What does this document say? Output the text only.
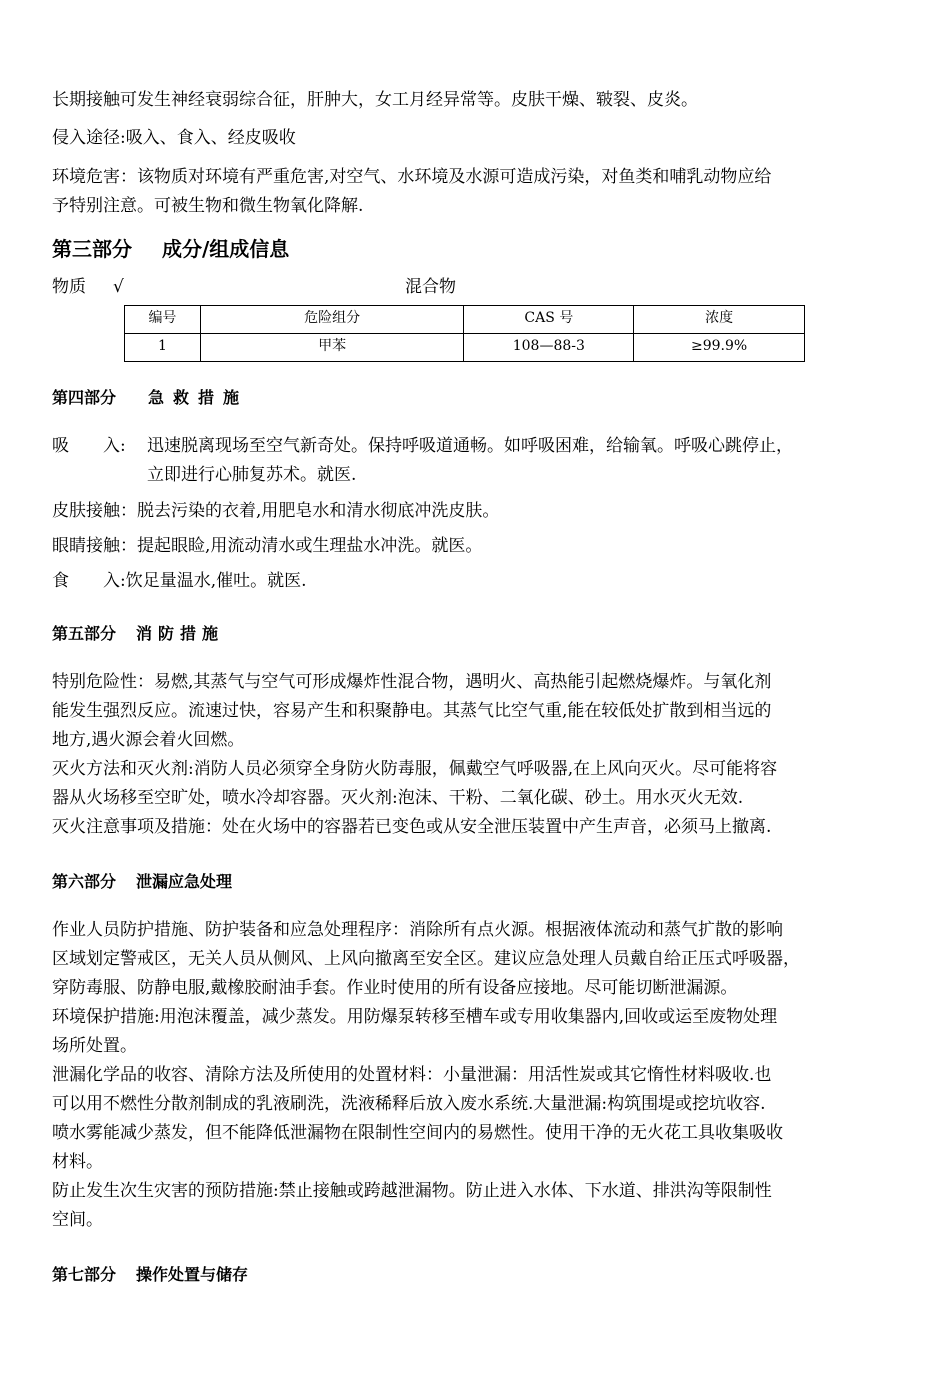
长期接触可发生神经衰弱综合征，肝肿大，女工月经异常等。皮肤干燥、皲裂、皮炎。
侵入途径:吸入、食入、经皮吸收
环境危害：该物质对环境有严重危害,对空气、水环境及水源可造成污染，对鱼类和哺乳动物应给
予特别注意。可被生物和微生物氧化降解.
第三部分 成分/组成信息
物质 √	混合物
编号	危险组分	CAS 号	浓度
1	甲苯	108—88-3	≥99.9%
第四部分 急救措施
吸　　入: 迅速脱离现场至空气新奇处。保持呼吸道通畅。如呼吸困难，给输氧。呼吸心跳停止，
立即进行心肺复苏术。就医.
皮肤接触：脱去污染的衣着,用肥皂水和清水彻底冲洗皮肤。
眼睛接触：提起眼睑,用流动清水或生理盐水冲洗。就医。
食　　入:饮足量温水,催吐。就医.
第五部分 消防措施
特别危险性：易燃,其蒸气与空气可形成爆炸性混合物，遇明火、高热能引起燃烧爆炸。与氧化剂
能发生强烈反应。流速过快，容易产生和积聚静电。其蒸气比空气重,能在较低处扩散到相当远的
地方,遇火源会着火回燃。
灭火方法和灭火剂:消防人员必须穿全身防火防毒服，佩戴空气呼吸器,在上风向灭火。尽可能将容
器从火场移至空旷处，喷水冷却容器。灭火剂:泡沫、干粉、二氧化碳、砂土。用水灭火无效.
灭火注意事项及措施：处在火场中的容器若已变色或从安全泄压装置中产生声音，必须马上撤离.
第六部分 泄漏应急处理
作业人员防护措施、防护装备和应急处理程序：消除所有点火源。根据液体流动和蒸气扩散的影响
区域划定警戒区，无关人员从侧风、上风向撤离至安全区。建议应急处理人员戴自给正压式呼吸器，
穿防毒服、防静电服,戴橡胶耐油手套。作业时使用的所有设备应接地。尽可能切断泄漏源。
环境保护措施:用泡沫覆盖，减少蒸发。用防爆泵转移至槽车或专用收集器内,回收或运至废物处理
场所处置。
泄漏化学品的收容、清除方法及所使用的处置材料：小量泄漏：用活性炭或其它惰性材料吸收.也
可以用不燃性分散剂制成的乳液刷洗，洗液稀释后放入废水系统.大量泄漏:构筑围堤或挖坑收容.
喷水雾能减少蒸发，但不能降低泄漏物在限制性空间内的易燃性。使用干净的无火花工具收集吸收
材料。
防止发生次生灾害的预防措施:禁止接触或跨越泄漏物。防止进入水体、下水道、排洪沟等限制性
空间。
第七部分 操作处置与储存
